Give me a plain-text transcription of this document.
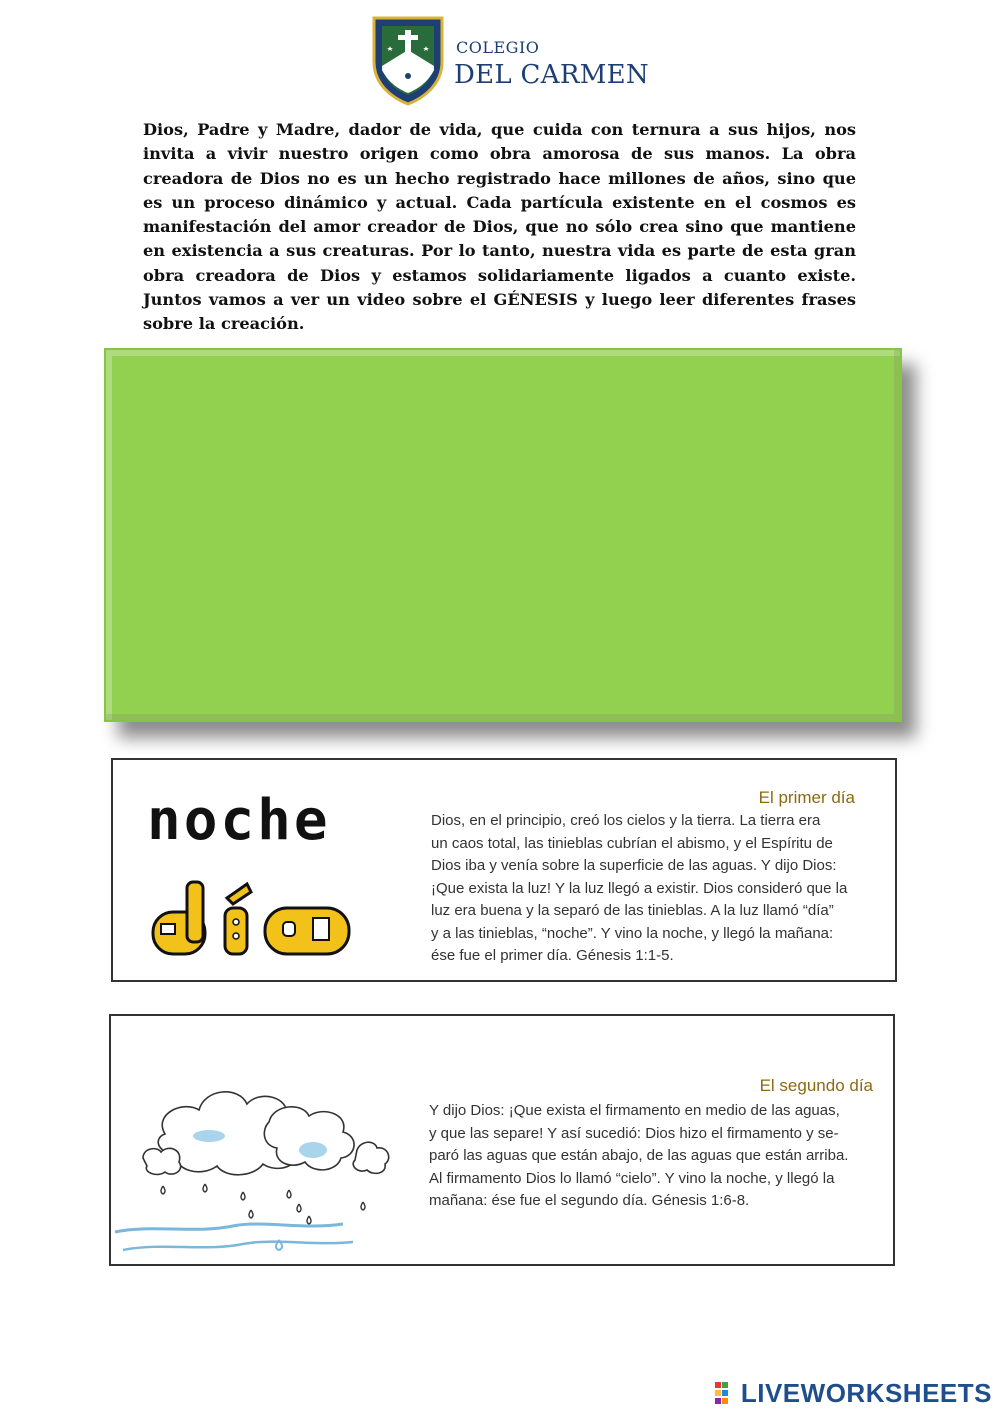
COLEGIO
DEL CARMEN
Dios, Padre y Madre, dador de vida, que cuida con ternura a sus hijos, nos invita a vivir nuestro origen como obra amorosa de sus manos. La obra creadora de Dios no es un hecho registrado hace millones de años, sino que es un proceso dinámico y actual. Cada partícula existente en el cosmos es manifestación del amor creador de Dios, que no sólo crea sino que mantiene en existencia a sus creaturas. Por lo tanto, nuestra vida es parte de esta gran obra creadora de Dios y estamos solidariamente ligados a cuanto existe. Juntos vamos a ver un video sobre el GÉNESIS y luego leer diferentes frases sobre la creación.
noche	El primer día
Dios, en el principio, creó los cielos y la tierra. La tierra era
un caos total, las tinieblas cubrían el abismo, y el Espíritu de
Dios iba y venía sobre la superficie de las aguas. Y dijo Dios:
¡Que exista la luz! Y la luz llegó a existir. Dios consideró que la
luz era buena y la separó de las tinieblas. A la luz llamó “día”
y a las tinieblas, “noche”. Y vino la noche, y llegó la mañana:
ése fue el primer día. Génesis 1:1-5.
El segundo día
Y dijo Dios: ¡Que exista el firmamento en medio de las aguas,
y que las separe! Y así sucedió: Dios hizo el firmamento y se-
paró las aguas que están abajo, de las aguas que están arriba.
Al firmamento Dios lo llamó “cielo”. Y vino la noche, y llegó la
mañana: ése fue el segundo día. Génesis 1:6-8.
LIVEWORKSHEETS
